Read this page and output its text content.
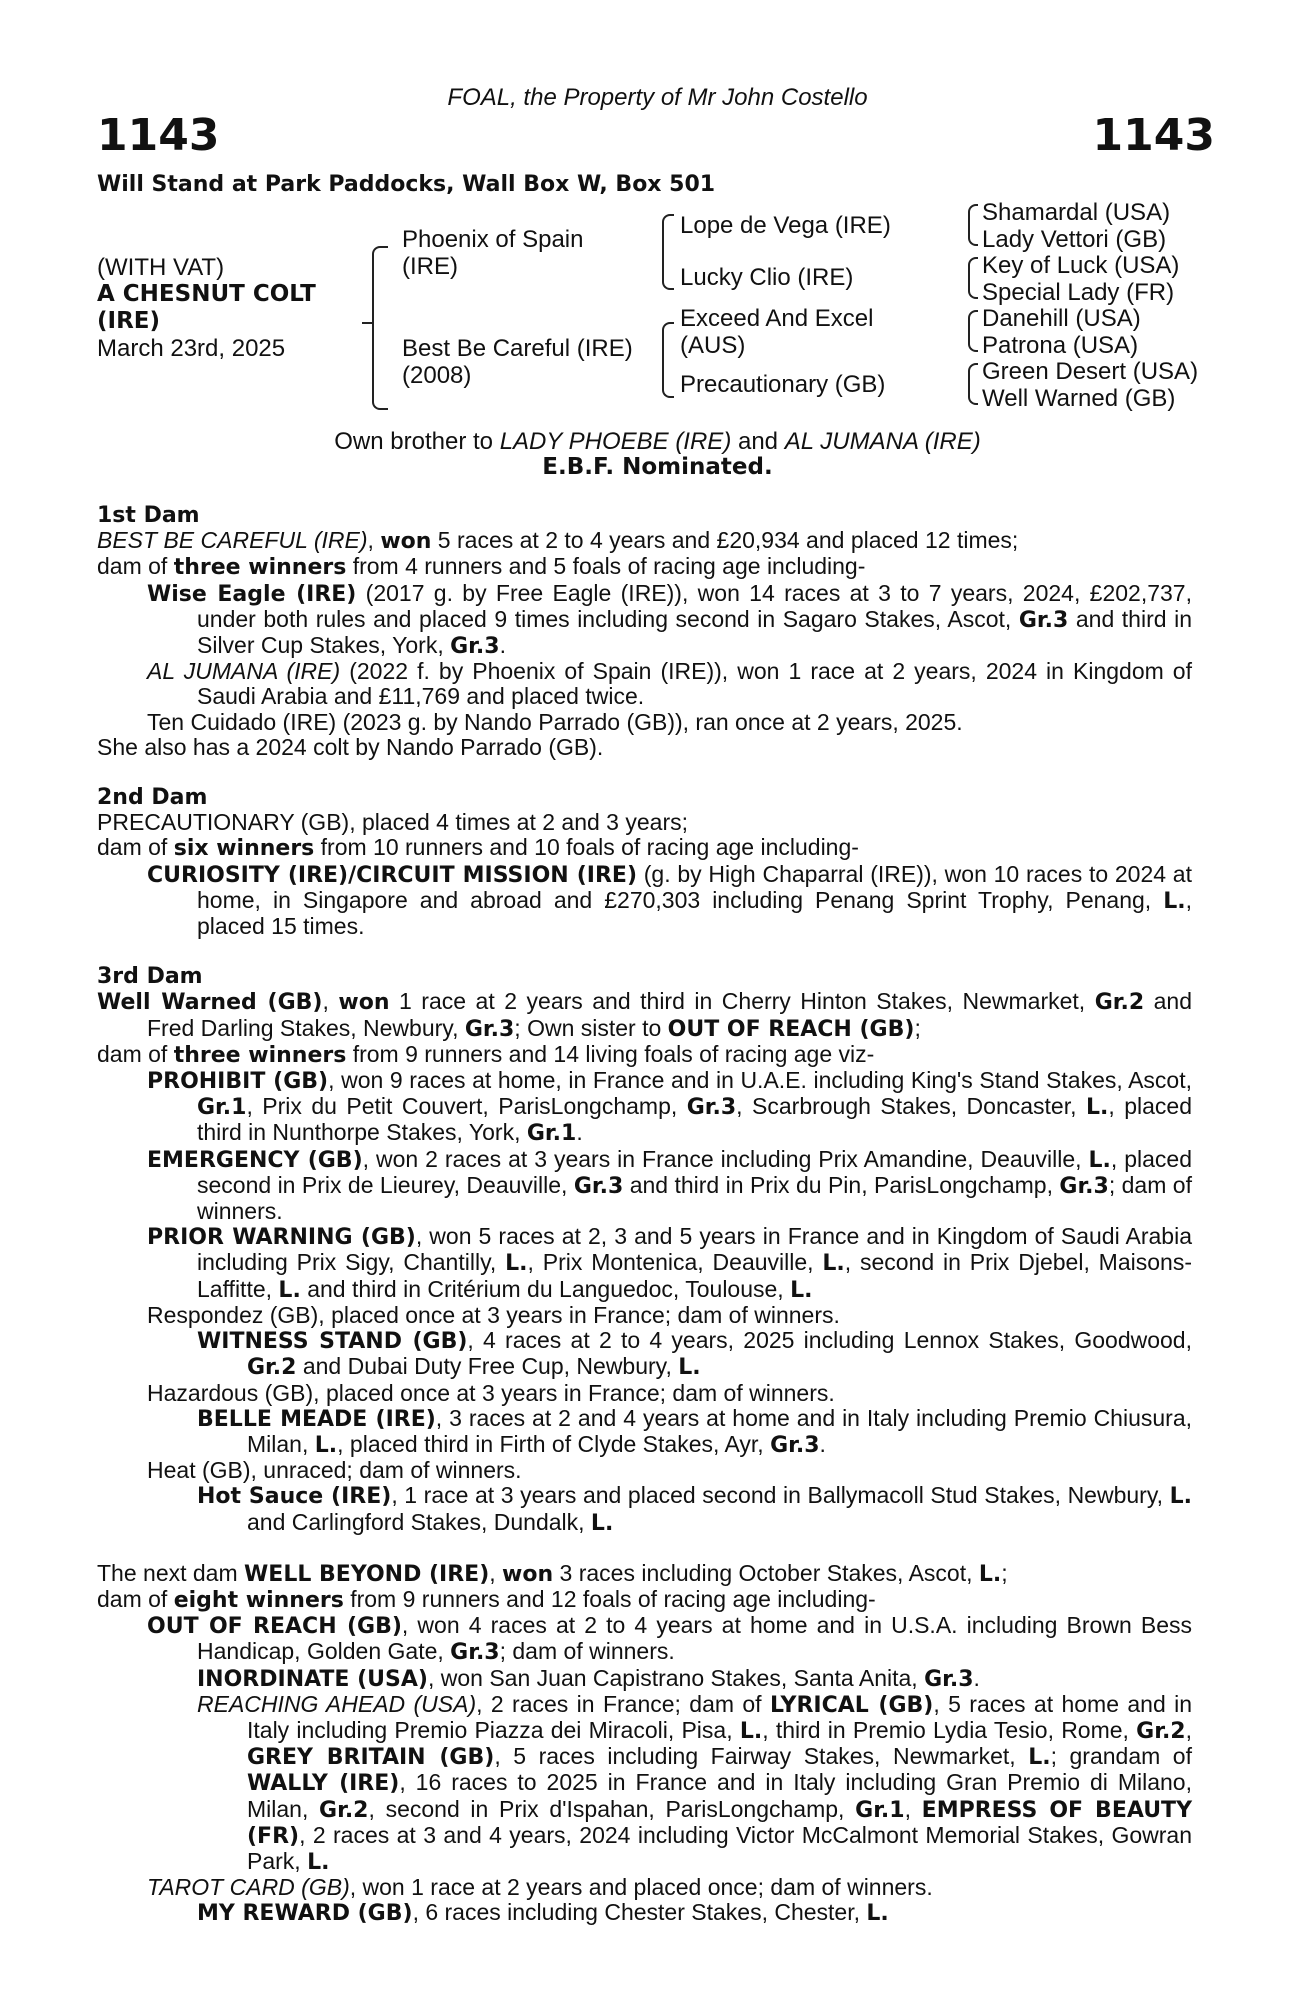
FOAL, the Property of Mr John Costello
1143	1143
Will Stand at Park Paddocks, Wall Box W, Box 501
(WITH VAT)
A CHESNUT COLT
(IRE)
March 23rd, 2025
Phoenix of Spain
(IRE)
Best Be Careful (IRE)
(2008)
Lope de Vega (IRE)
Lucky Clio (IRE)
Exceed And Excel
(AUS)
Precautionary (GB)
Shamardal (USA)
Lady Vettori (GB)
Key of Luck (USA)
Special Lady (FR)
Danehill (USA)
Patrona (USA)
Green Desert (USA)
Well Warned (GB)
Own brother to LADY PHOEBE (IRE) and AL JUMANA (IRE)
E.B.F. Nominated.

1st Dam

BEST BE CAREFUL (IRE), won 5 races at 2 to 4 years and £20,934 and placed 12 times;

dam of three winners from 4 runners and 5 foals of racing age including-

Wise Eagle (IRE) (2017 g. by Free Eagle (IRE)), won 14 races at 3 to 7 years, 2024, £202,737, under both rules and placed 9 times including second in Sagaro Stakes, Ascot, Gr.3 and third in Silver Cup Stakes, York, Gr.3.

AL JUMANA (IRE) (2022 f. by Phoenix of Spain (IRE)), won 1 race at 2 years, 2024 in Kingdom of Saudi Arabia and £11,769 and placed twice.

Ten Cuidado (IRE) (2023 g. by Nando Parrado (GB)), ran once at 2 years, 2025.

She also has a 2024 colt by Nando Parrado (GB).

2nd Dam

PRECAUTIONARY (GB), placed 4 times at 2 and 3 years;

dam of six winners from 10 runners and 10 foals of racing age including-

CURIOSITY (IRE)/CIRCUIT MISSION (IRE) (g. by High Chaparral (IRE)), won 10 races to 2024 at home, in Singapore and abroad and £270,303 including Penang Sprint Trophy, Penang, L., placed 15 times.

3rd Dam

Well Warned (GB), won 1 race at 2 years and third in Cherry Hinton Stakes, Newmarket, Gr.2 and Fred Darling Stakes, Newbury, Gr.3; Own sister to OUT OF REACH (GB);

dam of three winners from 9 runners and 14 living foals of racing age viz-

PROHIBIT (GB), won 9 races at home, in France and in U.A.E. including King's Stand Stakes, Ascot, Gr.1, Prix du Petit Couvert, ParisLongchamp, Gr.3, Scarbrough Stakes, Doncaster, L., placed third in Nunthorpe Stakes, York, Gr.1.

EMERGENCY (GB), won 2 races at 3 years in France including Prix Amandine, Deauville, L., placed second in Prix de Lieurey, Deauville, Gr.3 and third in Prix du Pin, ParisLongchamp, Gr.3; dam of winners.

PRIOR WARNING (GB), won 5 races at 2, 3 and 5 years in France and in Kingdom of Saudi Arabia including Prix Sigy, Chantilly, L., Prix Montenica, Deauville, L., second in Prix Djebel, Maisons-Laffitte, L. and third in Critérium du Languedoc, Toulouse, L.

Respondez (GB), placed once at 3 years in France; dam of winners.

WITNESS STAND (GB), 4 races at 2 to 4 years, 2025 including Lennox Stakes, Goodwood, Gr.2 and Dubai Duty Free Cup, Newbury, L.

Hazardous (GB), placed once at 3 years in France; dam of winners.

BELLE MEADE (IRE), 3 races at 2 and 4 years at home and in Italy including Premio Chiusura, Milan, L., placed third in Firth of Clyde Stakes, Ayr, Gr.3.

Heat (GB), unraced; dam of winners.

Hot Sauce (IRE), 1 race at 3 years and placed second in Ballymacoll Stud Stakes, Newbury, L. and Carlingford Stakes, Dundalk, L.

The next dam WELL BEYOND (IRE), won 3 races including October Stakes, Ascot, L.;

dam of eight winners from 9 runners and 12 foals of racing age including-

OUT OF REACH (GB), won 4 races at 2 to 4 years at home and in U.S.A. including Brown Bess Handicap, Golden Gate, Gr.3; dam of winners.

INORDINATE (USA), won San Juan Capistrano Stakes, Santa Anita, Gr.3.

REACHING AHEAD (USA), 2 races in France; dam of LYRICAL (GB), 5 races at home and in Italy including Premio Piazza dei Miracoli, Pisa, L., third in Premio Lydia Tesio, Rome, Gr.2, GREY BRITAIN (GB), 5 races including Fairway Stakes, Newmarket, L.; grandam of WALLY (IRE), 16 races to 2025 in France and in Italy including Gran Premio di Milano, Milan, Gr.2, second in Prix d'Ispahan, ParisLongchamp, Gr.1, EMPRESS OF BEAUTY (FR), 2 races at 3 and 4 years, 2024 including Victor McCalmont Memorial Stakes, Gowran Park, L.

TAROT CARD (GB), won 1 race at 2 years and placed once; dam of winners.

MY REWARD (GB), 6 races including Chester Stakes, Chester, L.
